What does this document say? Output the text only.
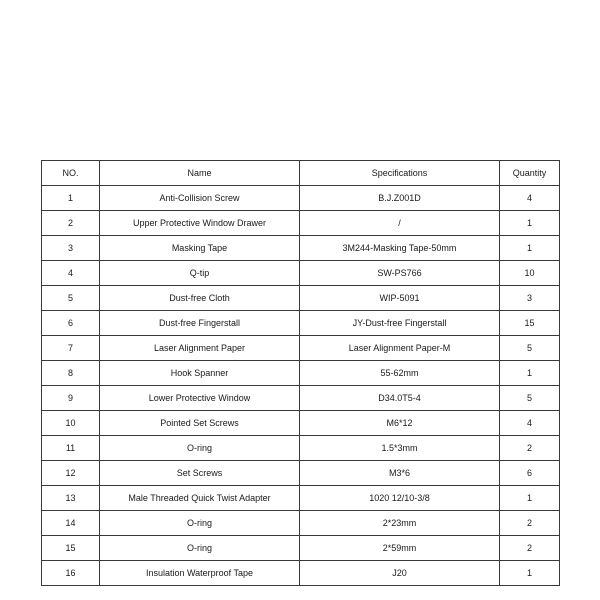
NO.	Name	Specifications	Quantity
1	Anti-Collision Screw	B.J.Z001D	4
2	Upper Protective Window Drawer	/	1
3	Masking Tape	3M244-Masking Tape-50mm	1
4	Q-tip	SW-PS766	10
5	Dust-free Cloth	WIP-5091	3
6	Dust-free Fingerstall	JY-Dust-free Fingerstall	15
7	Laser Alignment Paper	Laser Alignment Paper-M	5
8	Hook Spanner	55-62mm	1
9	Lower Protective Window	D34.0T5-4	5
10	Pointed Set Screws	M6*12	4
11	O-ring	1.5*3mm	2
12	Set Screws	M3*6	6
13	Male Threaded Quick Twist Adapter	1020 12/10-3/8	1
14	O-ring	2*23mm	2
15	O-ring	2*59mm	2
16	Insulation Waterproof Tape	J20	1
